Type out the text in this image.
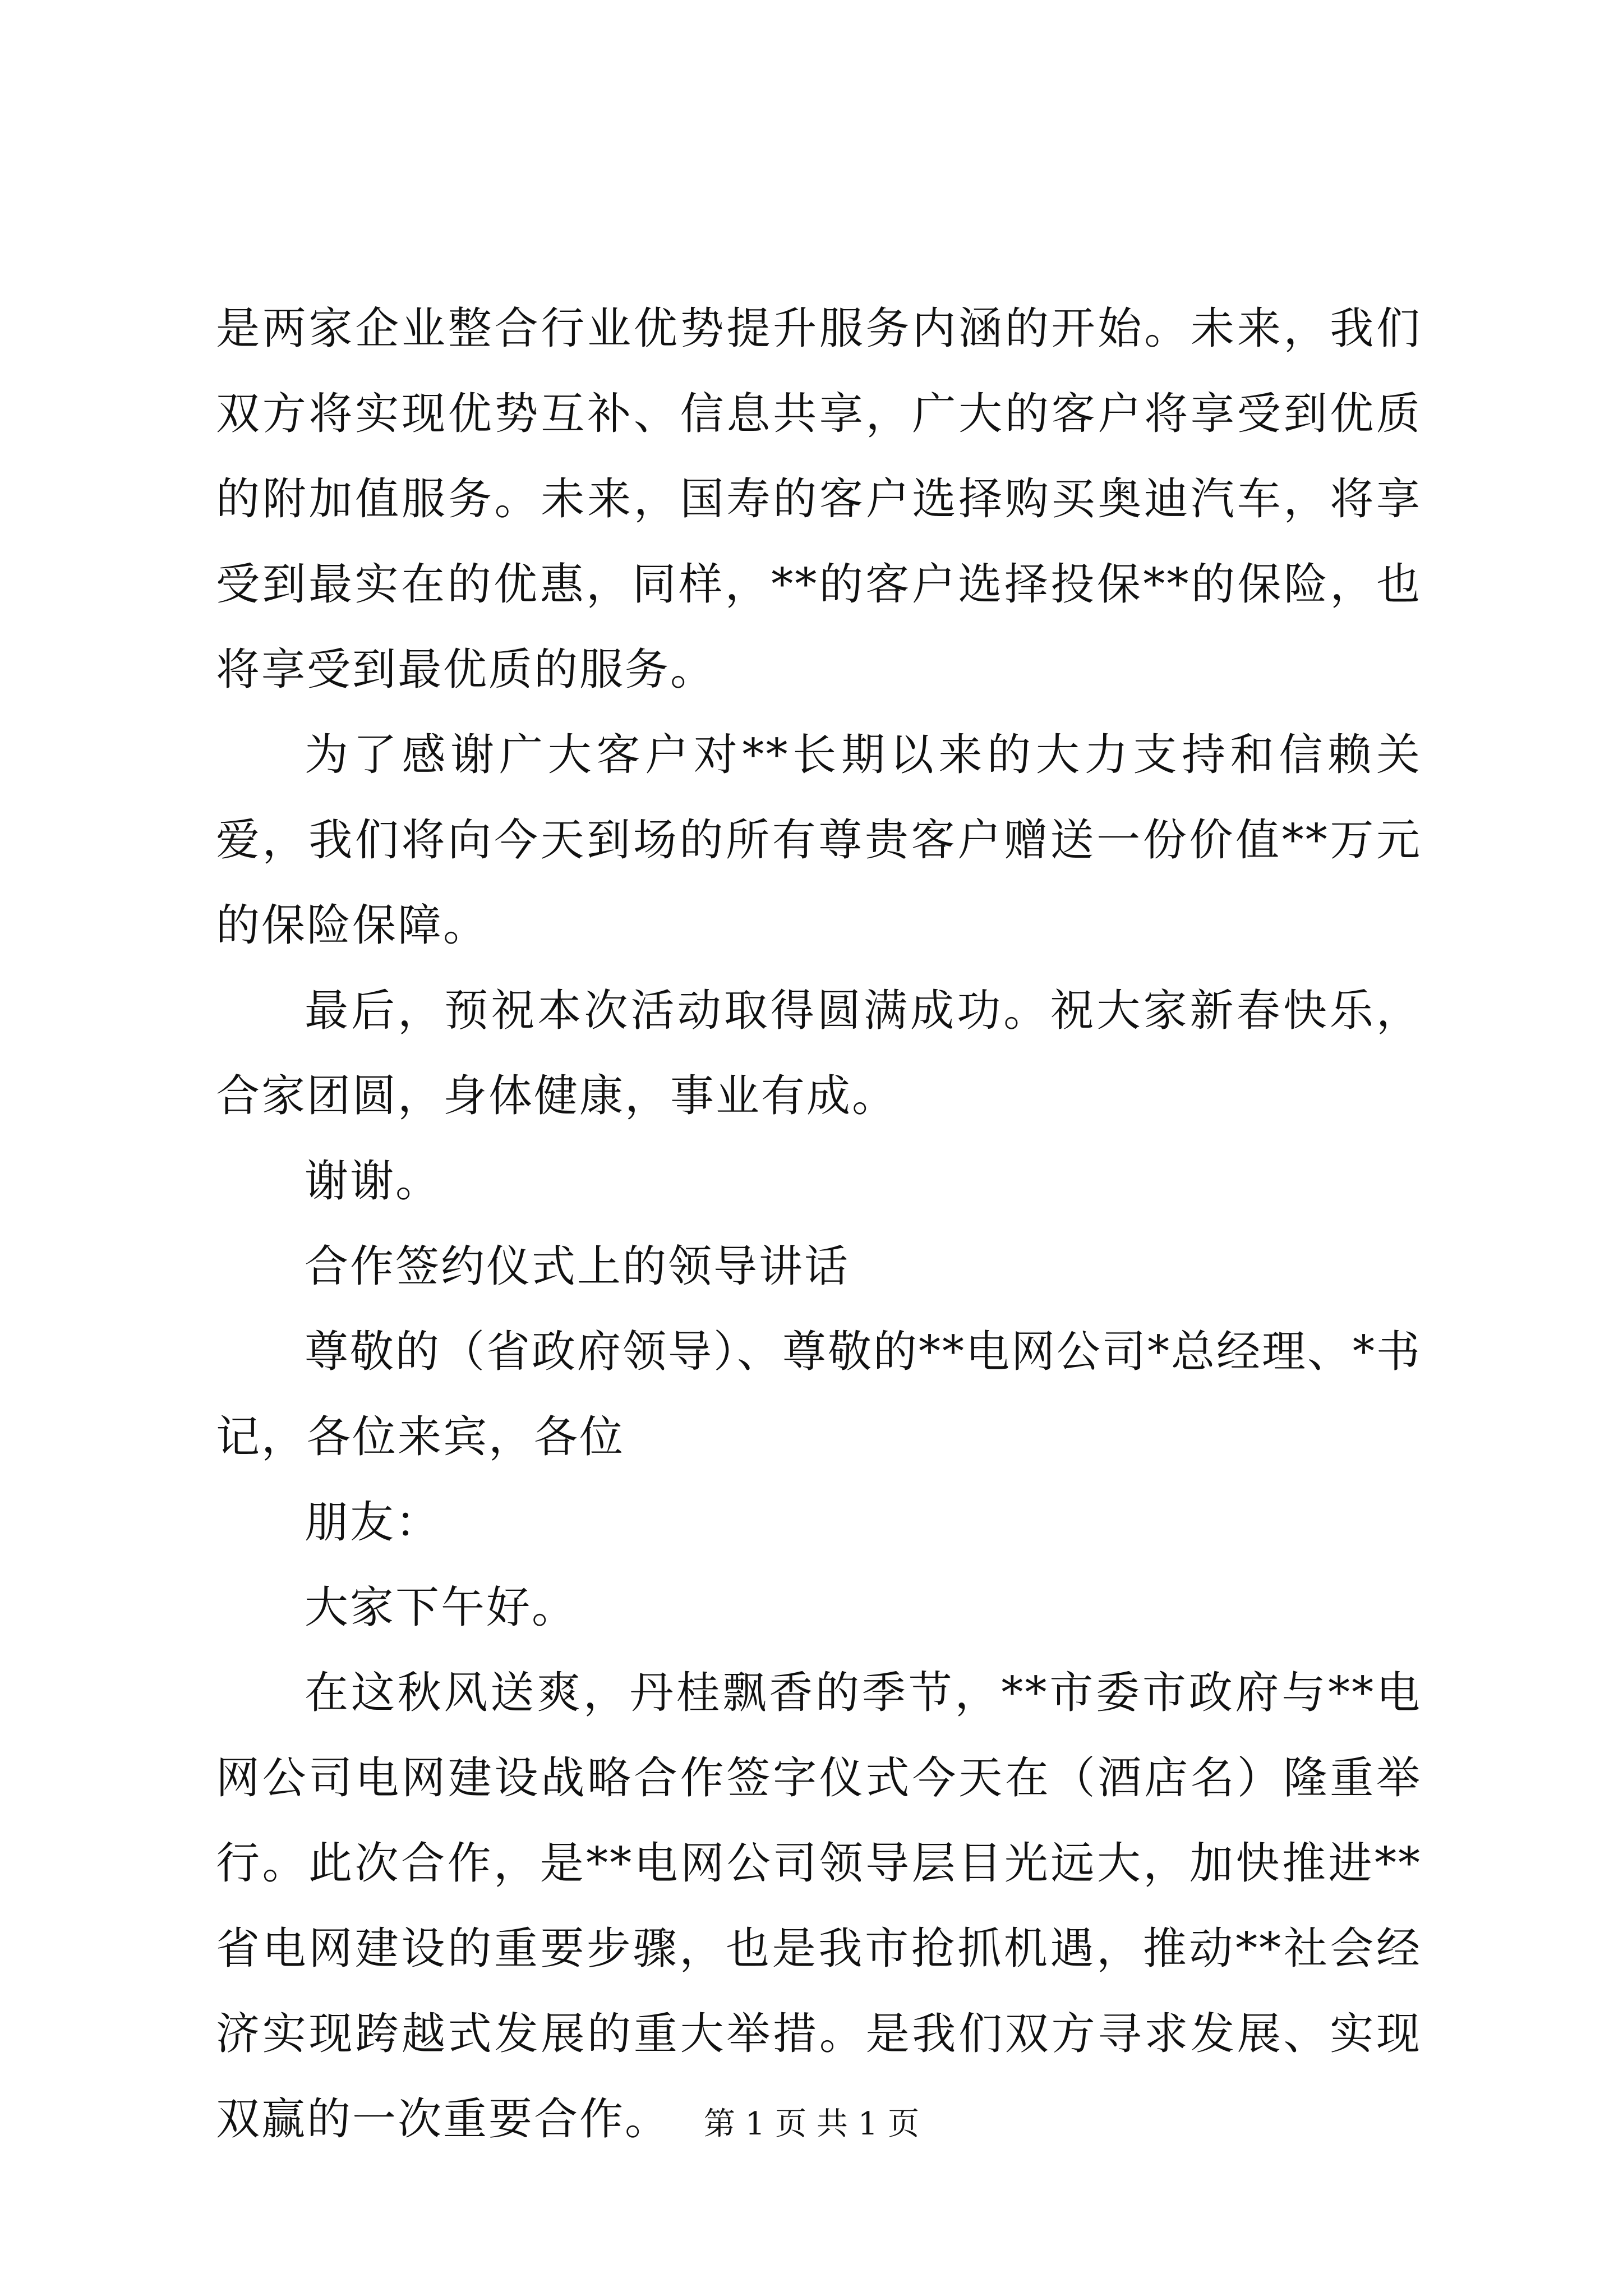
是两家企业整合行业优势提升服务内涵的开始。未来，我们双方将实现优势互补、信息共享，广大的客户将享受到优质的附加值服务。未来，国寿的客户选择购买奥迪汽车，将享受到最实在的优惠，同样，**的客户选择投保**的保险，也将享受到最优质的服务。

为了感谢广大客户对**长期以来的大力支持和信赖关爱，我们将向今天到场的所有尊贵客户赠送一份价值**万元的保险保障。

最后，预祝本次活动取得圆满成功。祝大家新春快乐，合家团圆，身体健康，事业有成。

谢谢。

合作签约仪式上的领导讲话

尊敬的（省政府领导）、尊敬的**电网公司*总经理、*书记，各位来宾，各位

朋友：

大家下午好。

在这秋风送爽，丹桂飘香的季节，**市委市政府与**电网公司电网建设战略合作签字仪式今天在（酒店名）隆重举行。此次合作，是**电网公司领导层目光远大，加快推进**省电网建设的重要步骤，也是我市抢抓机遇，推动**社会经济实现跨越式发展的重大举措。是我们双方寻求发展、实现双赢的一次重要合作。	第 1 页 共 1 页
